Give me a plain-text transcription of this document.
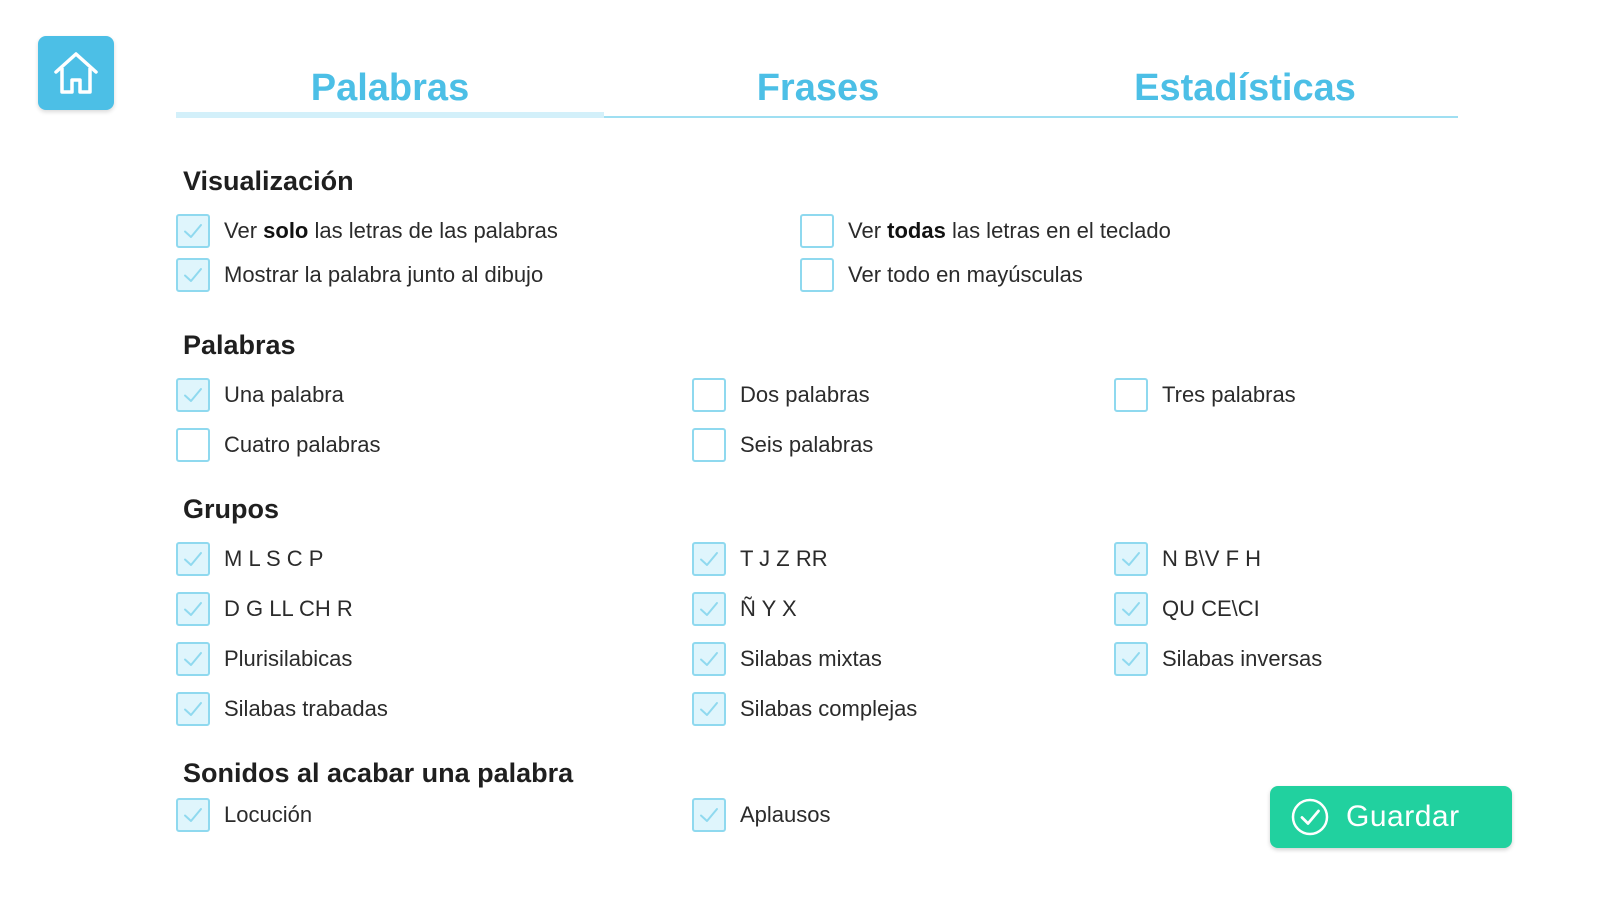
Palabras	Frases	Estadísticas
Visualización
Ver solo las letras de las palabras	Ver todas las letras en el teclado
Mostrar la palabra junto al dibujo	Ver todo en mayúsculas
Palabras
Una palabra	Dos palabras	Tres palabras
Cuatro palabras	Seis palabras
Grupos
M L S C P	T J Z RR	N B\V F H
D G LL CH R	Ñ Y X	QU CE\CI
Plurisilabicas	Silabas mixtas	Silabas inversas
Silabas trabadas	Silabas complejas
Sonidos al acabar una palabra
Locución	Aplausos	Guardar
